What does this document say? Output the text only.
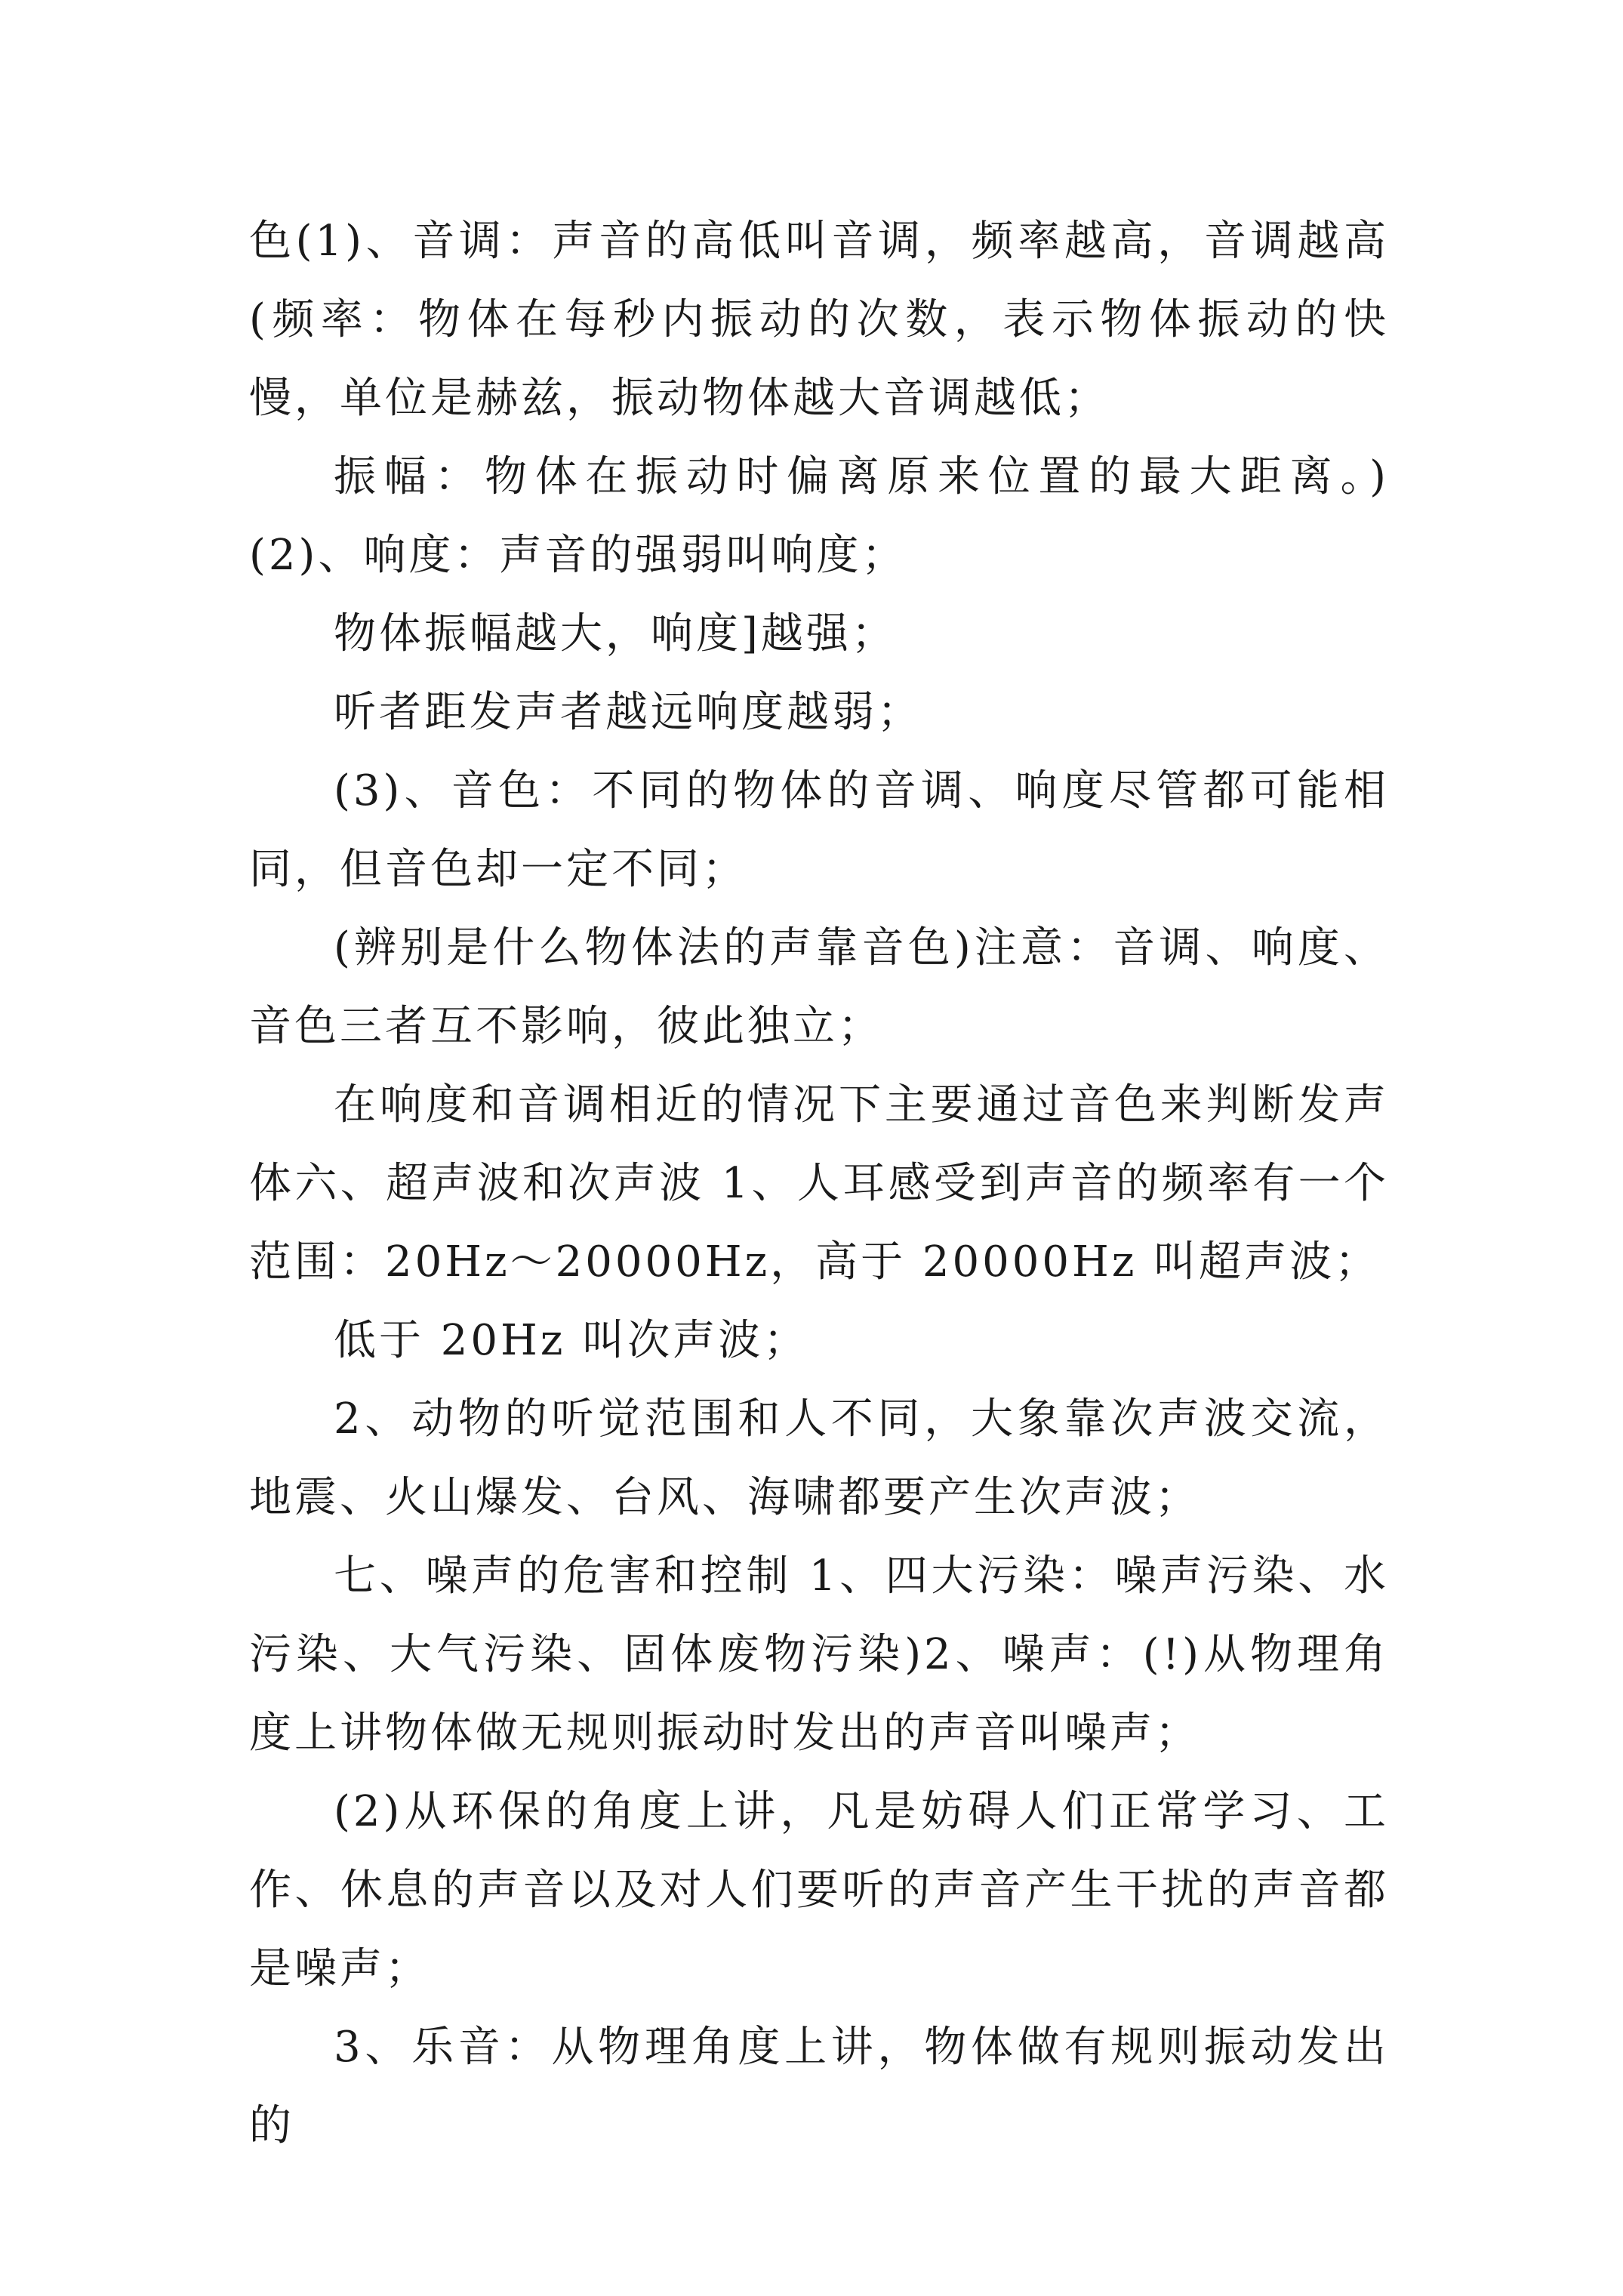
色(1)、音调：声音的高低叫音调，频率越高，音调越高(频率：物体在每秒内振动的次数，表示物体振动的快慢，单位是赫兹，振动物体越大音调越低；

振幅：物体在振动时偏离原来位置的最大距离。)(2)、响度：声音的强弱叫响度；

物体振幅越大，响度]越强；

听者距发声者越远响度越弱；

(3)、音色：不同的物体的音调、响度尽管都可能相同，但音色却一定不同；

(辨别是什么物体法的声靠音色)注意：音调、响度、音色三者互不影响，彼此独立；

在响度和音调相近的情况下主要通过音色来判断发声体六、超声波和次声波 1、人耳感受到声音的频率有一个范围：20Hz～20000Hz，高于 20000Hz 叫超声波；

低于 20Hz 叫次声波；

2、动物的听觉范围和人不同，大象靠次声波交流，地震、火山爆发、台风、海啸都要产生次声波；

七、噪声的危害和控制 1、四大污染：噪声污染、水污染、大气污染、固体废物污染)2、噪声：(!)从物理角度上讲物体做无规则振动时发出的声音叫噪声；

(2)从环保的角度上讲，凡是妨碍人们正常学习、工作、休息的声音以及对人们要听的声音产生干扰的声音都是噪声；

3、乐音：从物理角度上讲，物体做有规则振动发出的
